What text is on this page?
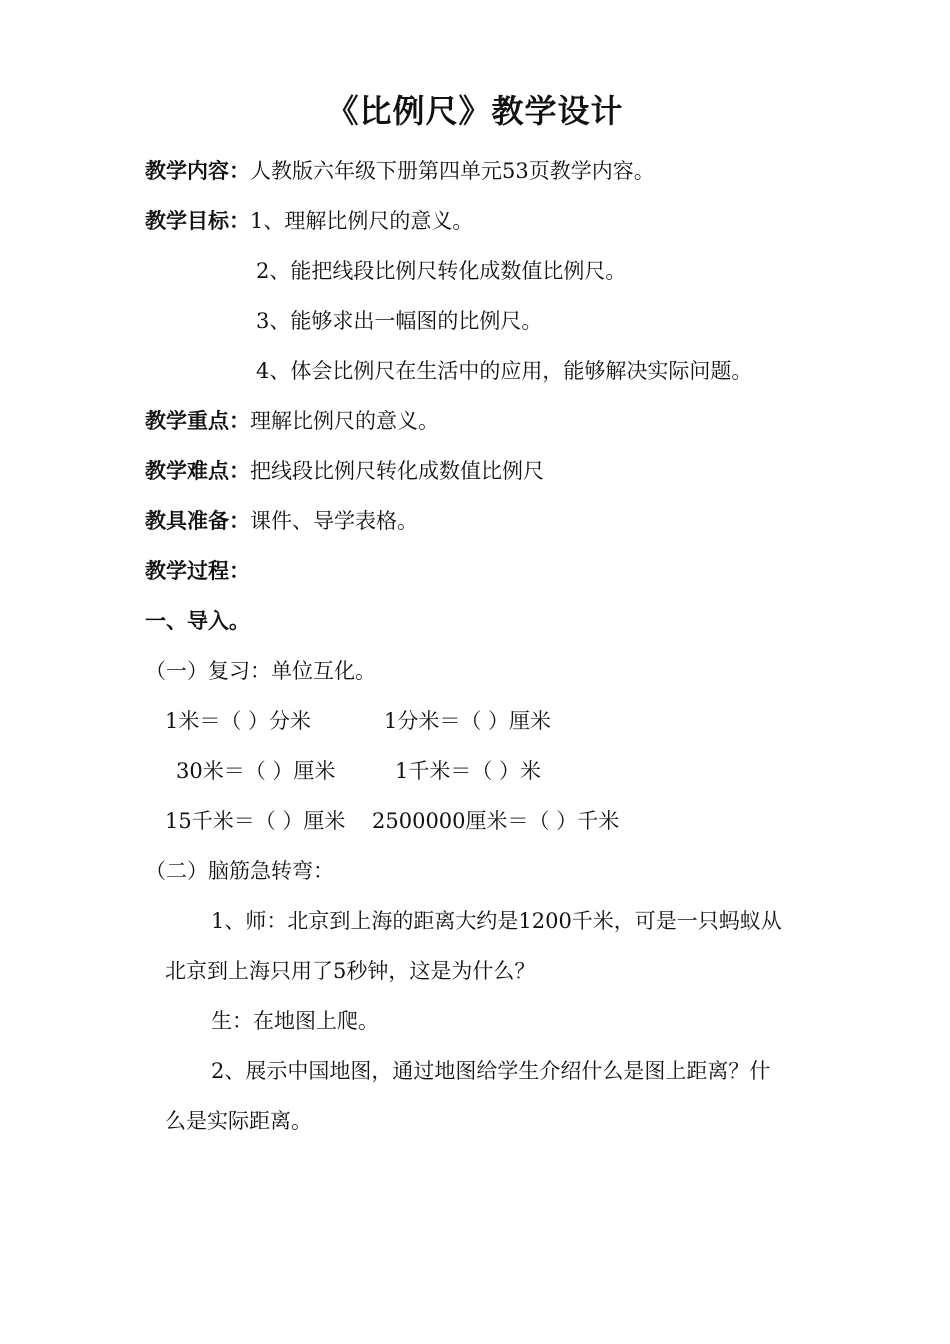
《比例尺》教学设计
教学内容：人教版六年级下册第四单元53页教学内容。
教学目标：1、理解比例尺的意义。
2、能把线段比例尺转化成数值比例尺。
3、能够求出一幅图的比例尺。
4、体会比例尺在生活中的应用，能够解决实际问题。
教学重点：理解比例尺的意义。
教学难点：把线段比例尺转化成数值比例尺
教具准备：课件、导学表格。
教学过程：
一、导入。
（一）复习：单位互化。
1米＝（ ）分米	1分米＝（ ）厘米
30米＝（ ）厘米	1千米＝（ ）米
15千米＝（ ）厘米 2500000厘米＝（ ）千米
（二）脑筋急转弯：
1、师：北京到上海的距离大约是1200千米，可是一只蚂蚁从
北京到上海只用了5秒钟，这是为什么？
生：在地图上爬。
2、展示中国地图，通过地图给学生介绍什么是图上距离？什
么是实际距离。
